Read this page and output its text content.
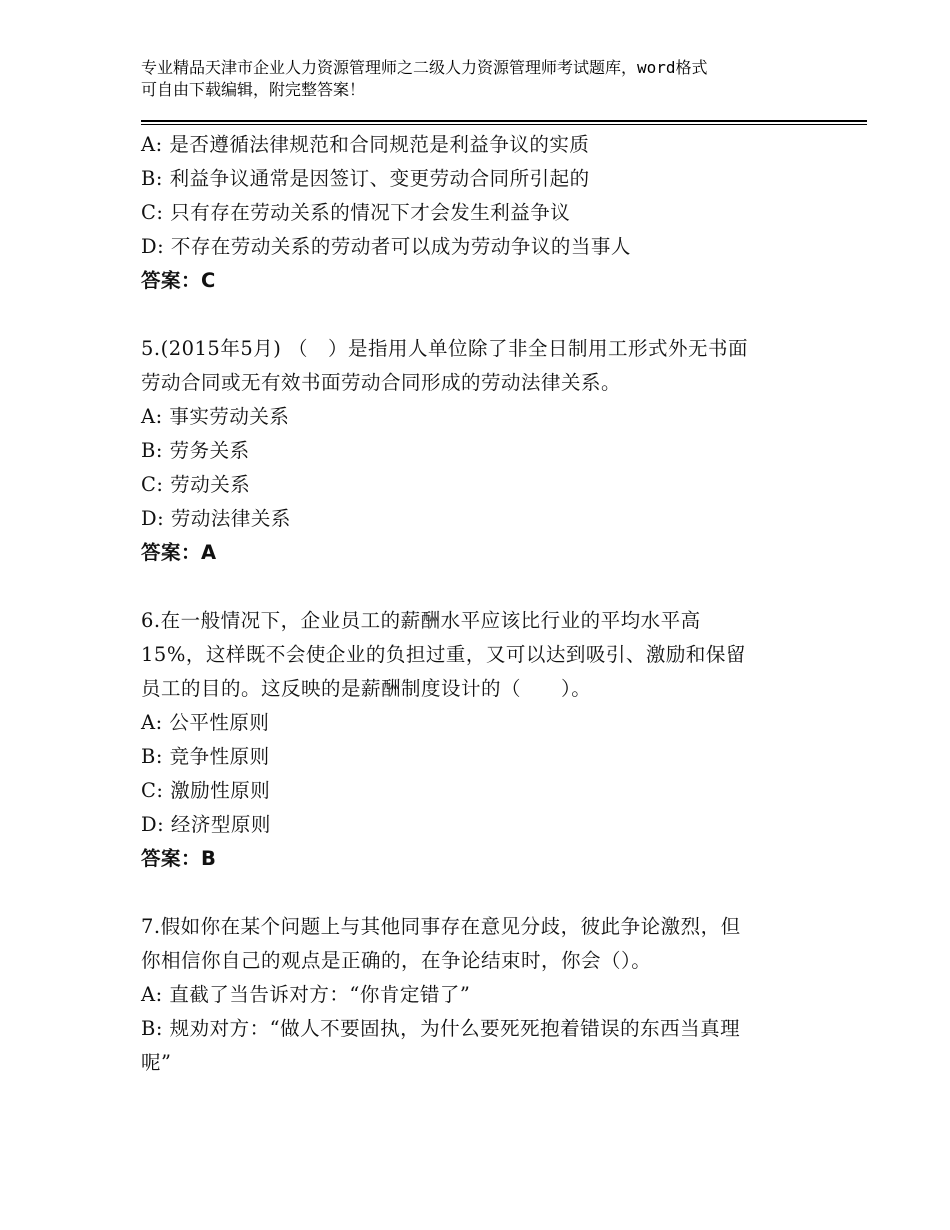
专业精品天津市企业人力资源管理师之二级人力资源管理师考试题库，word格式
可自由下载编辑，附完整答案！
A: 是否遵循法律规范和合同规范是利益争议的实质
B: 利益争议通常是因签订、变更劳动合同所引起的
C: 只有存在劳动关系的情况下才会发生利益争议
D: 不存在劳动关系的劳动者可以成为劳动争议的当事人
答案：C
5.(2015年5月) （　）是指用人单位除了非全日制用工形式外无书面
劳动合同或无有效书面劳动合同形成的劳动法律关系。
A: 事实劳动关系
B: 劳务关系
C: 劳动关系
D: 劳动法律关系
答案：A
6.在一般情况下，企业员工的薪酬水平应该比行业的平均水平高
15%，这样既不会使企业的负担过重，又可以达到吸引、激励和保留
员工的目的。这反映的是薪酬制度设计的（　　）。
A: 公平性原则
B: 竞争性原则
C: 激励性原则
D: 经济型原则
答案：B
7.假如你在某个问题上与其他同事存在意见分歧，彼此争论激烈，但
你相信你自己的观点是正确的，在争论结束时，你会（）。
A: 直截了当告诉对方：“你肯定错了”
B: 规劝对方：“做人不要固执，为什么要死死抱着错误的东西当真理
呢”
